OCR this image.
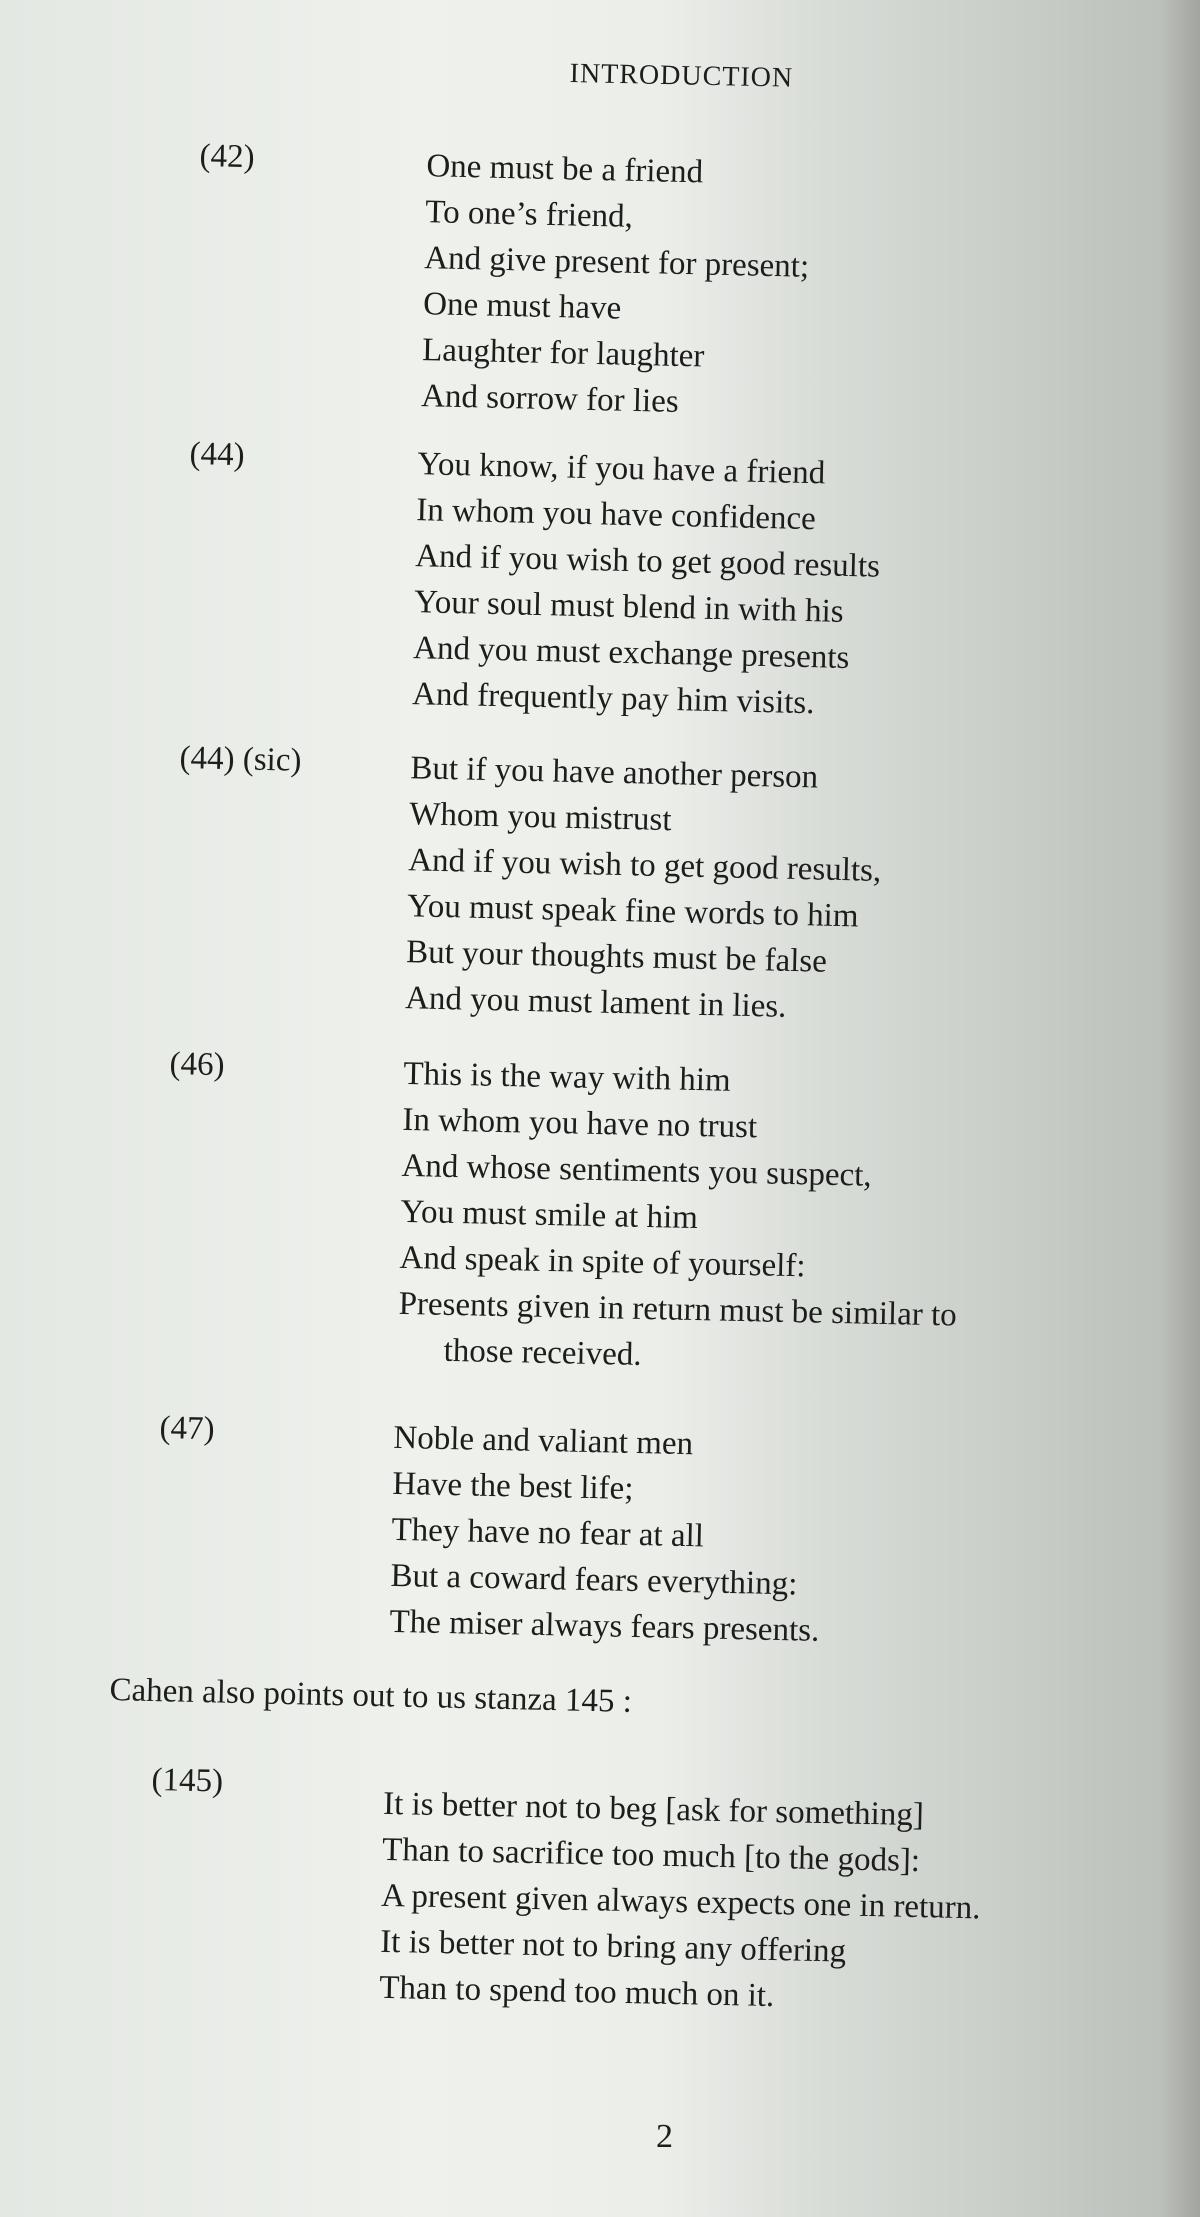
INTRODUCTION
(42)	One must be a friend
To one’s friend,
And give present for present;
One must have
Laughter for laughter
And sorrow for lies
(44)	You know, if you have a friend
In whom you have confidence
And if you wish to get good results
Your soul must blend in with his
And you must exchange presents
And frequently pay him visits.
(44) (sic)	But if you have another person
Whom you mistrust
And if you wish to get good results,
You must speak fine words to him
But your thoughts must be false
And you must lament in lies.
(46)	This is the way with him
In whom you have no trust
And whose sentiments you suspect,
You must smile at him
And speak in spite of yourself:
Presents given in return must be similar to
those received.
(47)	Noble and valiant men
Have the best life;
They have no fear at all
But a coward fears everything:
The miser always fears presents.
Cahen also points out to us stanza 145 :
(145)
It is better not to beg [ask for something]
Than to sacrifice too much [to the gods]:
A present given always expects one in return.
It is better not to bring any offering
Than to spend too much on it.
2
